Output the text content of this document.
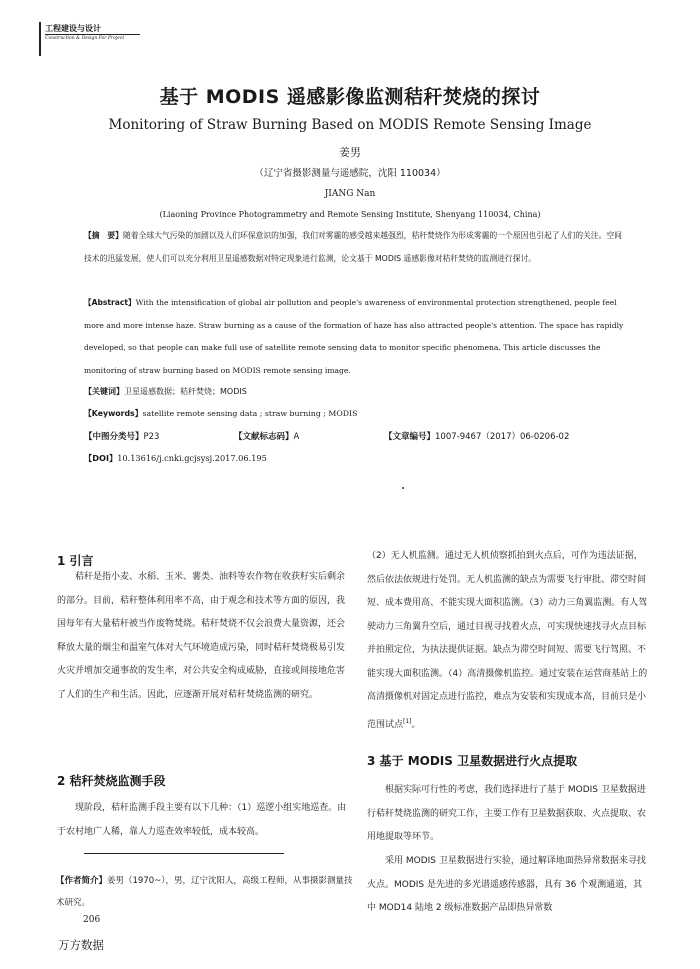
工程建设与设计
Construction & Design For Project
基于 MODIS 遥感影像监测秸秆焚烧的探讨
Monitoring of Straw Burning Based on MODIS Remote Sensing Image
姜男
（辽宁省摄影测量与遥感院，沈阳 110034）
JIANG Nan
(Liaoning Province Photogrammetry and Remote Sensing Institute, Shenyang 110034, China)
【摘　要】随着全球大气污染的加剧以及人们环保意识的加强，我们对雾霾的感受越来越强烈，秸秆焚烧作为形成雾霾的一个原因也引起了人们的关注。空间技术的迅猛发展，使人们可以充分利用卫星遥感数据对特定现象进行监测，论文基于 MODIS 遥感影像对秸秆焚烧的监测进行探讨。
【Abstract】With the intensification of global air pollution and people's awareness of environmental protection strengthened, people feel more and more intense haze. Straw burning as a cause of the formation of haze has also attracted people's attention. The space has rapidly developed, so that people can make full use of satellite remote sensing data to monitor specific phenomena. This article discusses the monitoring of straw burning based on MODIS remote sensing image.
【关键词】卫星遥感数据；秸秆焚烧；MODIS
【Keywords】satellite remote sensing data ; straw burning ; MODIS
【中图分类号】P23	【文献标志码】A	【文章编号】1007-9467（2017）06-0206-02
【DOI】10.13616/j.cnki.gcjsysj.2017.06.195
1 引言
秸秆是指小麦、水稻、玉米、薯类、油料等农作物在收获籽实后剩余的部分。目前，秸秆整体利用率不高，由于观念和技术等方面的原因，我国每年有大量秸秆被当作废物焚烧。秸秆焚烧不仅会浪费大量资源，还会释放大量的烟尘和温室气体对大气环境造成污染，同时秸秆焚烧极易引发火灾并增加交通事故的发生率，对公共安全构成威胁，直接或间接地危害了人们的生产和生活。因此，应逐渐开展对秸秆焚烧监测的研究。
2 秸秆焚烧监测手段
现阶段，秸秆监测手段主要有以下几种：（1）巡逻小组实地巡查。由于农村地广人稀，靠人力巡查效率较低，成本较高。
【作者简介】姜男（1970~），男，辽宁沈阳人，高级工程师，从事摄影测量技术研究。
206
万方数据
（2）无人机监测。通过无人机侦察抓拍到火点后，可作为违法证据，然后依法依规进行处罚。无人机监测的缺点为需要飞行审批、滞空时间短、成本费用高、不能实现大面积监测。（3）动力三角翼监测。有人驾驶动力三角翼升空后，通过目视寻找着火点，可实现快速找寻火点目标并拍照定位，为执法提供证据。缺点为滞空时间短、需要飞行驾照、不能实现大面积监测。（4）高清摄像机监控。通过安装在运营商基站上的高清摄像机对固定点进行监控，难点为安装和实现成本高，目前只是小范围试点[1]。
3 基于 MODIS 卫星数据进行火点提取
根据实际可行性的考虑，我们选择进行了基于 MODIS 卫星数据进行秸秆焚烧监测的研究工作，主要工作有卫星数据获取、火点提取、农用地提取等环节。
采用 MODIS 卫星数据进行实验，通过解译地面热异常数据来寻找火点。MODIS 是先进的多光谱遥感传感器，具有 36 个观测通道，其中 MOD14 陆地 2 级标准数据产品即热异常数
